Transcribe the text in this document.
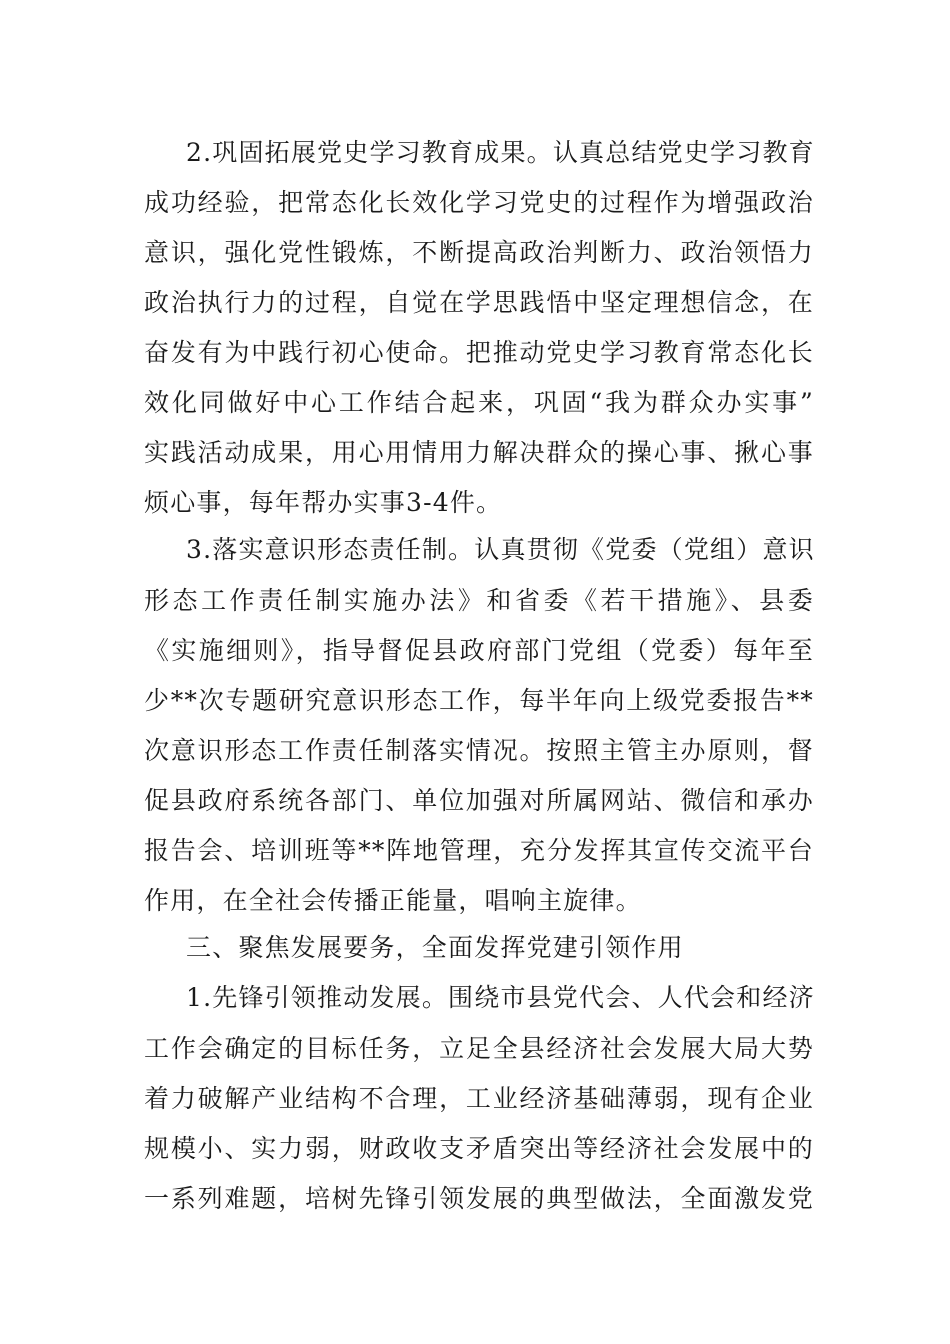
2.巩固拓展党史学习教育成果。认真总结党史学习教育
成功经验，把常态化长效化学习党史的过程作为增强政治
意识，强化党性锻炼，不断提高政治判断力、政治领悟力
政治执行力的过程，自觉在学思践悟中坚定理想信念，在
奋发有为中践行初心使命。把推动党史学习教育常态化长
效化同做好中心工作结合起来，巩固“我为群众办实事”
实践活动成果，用心用情用力解决群众的操心事、揪心事
烦心事，每年帮办实事3-4件。
3.落实意识形态责任制。认真贯彻《党委（党组）意识
形态工作责任制实施办法》和省委《若干措施》、县委
《实施细则》，指导督促县政府部门党组（党委）每年至
少**次专题研究意识形态工作，每半年向上级党委报告**
次意识形态工作责任制落实情况。按照主管主办原则，督
促县政府系统各部门、单位加强对所属网站、微信和承办
报告会、培训班等**阵地管理，充分发挥其宣传交流平台
作用，在全社会传播正能量，唱响主旋律。
三、聚焦发展要务，全面发挥党建引领作用
1.先锋引领推动发展。围绕市县党代会、人代会和经济
工作会确定的目标任务，立足全县经济社会发展大局大势
着力破解产业结构不合理，工业经济基础薄弱，现有企业
规模小、实力弱，财政收支矛盾突出等经济社会发展中的
一系列难题，培树先锋引领发展的典型做法，全面激发党
